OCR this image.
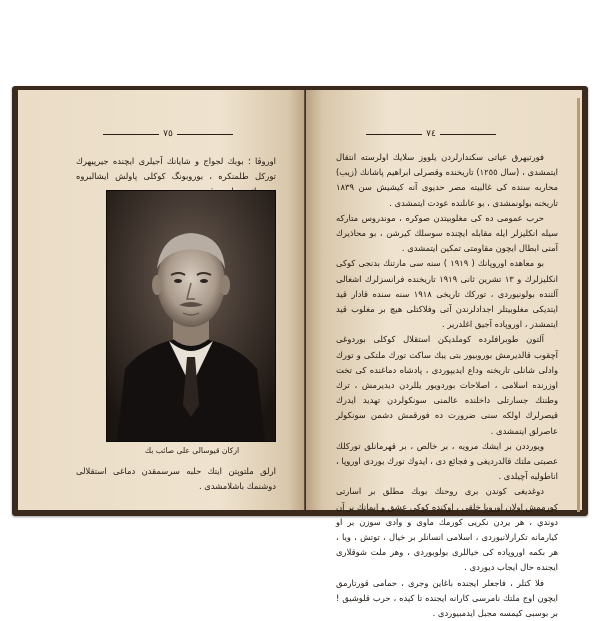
٧٥
اوروڤا ؛ بوبك لجواج و شايانك آجيلرى ايچنده جيرپيهرك توركل طلمنكره ، بوروبونگ كوكلى پاولش ايشالبروه
اركان قيوسالی علی صائب بك
ارلق ملتوپتن ايتك حلبه سرسمقدن دماغی استقلالی دوشنمك باشلامشدی .
٧٤

فورتيهرق عياتى سكندارلردن يلووز سلايك اولرسته انتقال ايتمشدى ، (سال ١٢٥٥) تاريخنده وقصرلى ابراهيم پاشانك (زيب) محاربه سنده كى غالبيته مصر حديوى آنه كيشيش سن ١٨٣٩ تاريخنه بولونمشدى ، بو عانلنده عودت ايتمشدى .

حرب عمومی ده كی مغلوبيتدن صوكره ، موندروس متاركه سيله انكليزلر ايله مقابله ايچنده سوسلك كيرشن ، بو محاذيرك آمنى ابطال ايچون مقاومتى تمكين ايتمشدى .

بو معاهده اوروپانك ( ١٩١٩ ) سنه سى مارتنك بدنجى كوكى انكليزلرك و ١٣ تشرين ثانى ١٩١٩ تاريخنده فرانسزلرك اشغالى آلتنده بولونيوردى ، توركك تاريخى ١٩١٨ سنه سنده قادار قيد ايتديكى مغلوبيتلر اجدادلرندن آتى وفلاكتلى هيچ بر مغلوب قيد ايتمشدر ، اوروپاده آجيق اغلدرير .

آلتون طوبرافلرده كوملديكن استقلال كوكلى بوردوغى آچقوب قالديرمش بوروبيور بتى يبك ساكت تورك ملتكى و تورك وادلى شانلى تاريخنه وداع ايديپوردى ، پادشاه دماغنده كى تخت اوزرنده اسلامى ، اصلاحات بوردويور يللردن ديديرمش ، ترك وطننك جسارتلى داخلنده عالمنى سونكولردن تهديد ايدرك قيصرلرك اولكه سنى ضرورت ده فورقمش دشمن سونكولر عاصرلق ايتمشدى .

ويورددن بر ايشك مرويه ، بر خالص ، بر قهرمانلق توركلك عصبتى ملتك قالدرديغى و فجائع دى ، ايدوك تورك يوردى اوروپا ، اناطوليه آچيلدى .

دوغديغى كوندن برى روحنك بوبك مطلق بر اسارتى كورممش اولان اوروبا خلقى ، اوكنده كوكى عشق و ايمانك بر آن دوندي ، هر يردن نكريى كورمك ماوى و وادى سوزن بر او كيارمانه تكرارلانيوردى ، اسلامى انسانلر بر خيال ، توتش ، ويا ، هر بكمه اوروپاده كى خياللرى بولوبوردى ، وهر ملت شوقلارى ايجنده حال ايجاب ديوردى .

فلا كتلر ، فاجعلر ايجنده باغاين وجرى ، حمامى قورتارمق ايچون اوج ملتك نامرسى كارانه ايجنده تا كيده ، حرب قلوشيق ! بر بوسبى كيمسه مجبل ايدمبيوردى .
